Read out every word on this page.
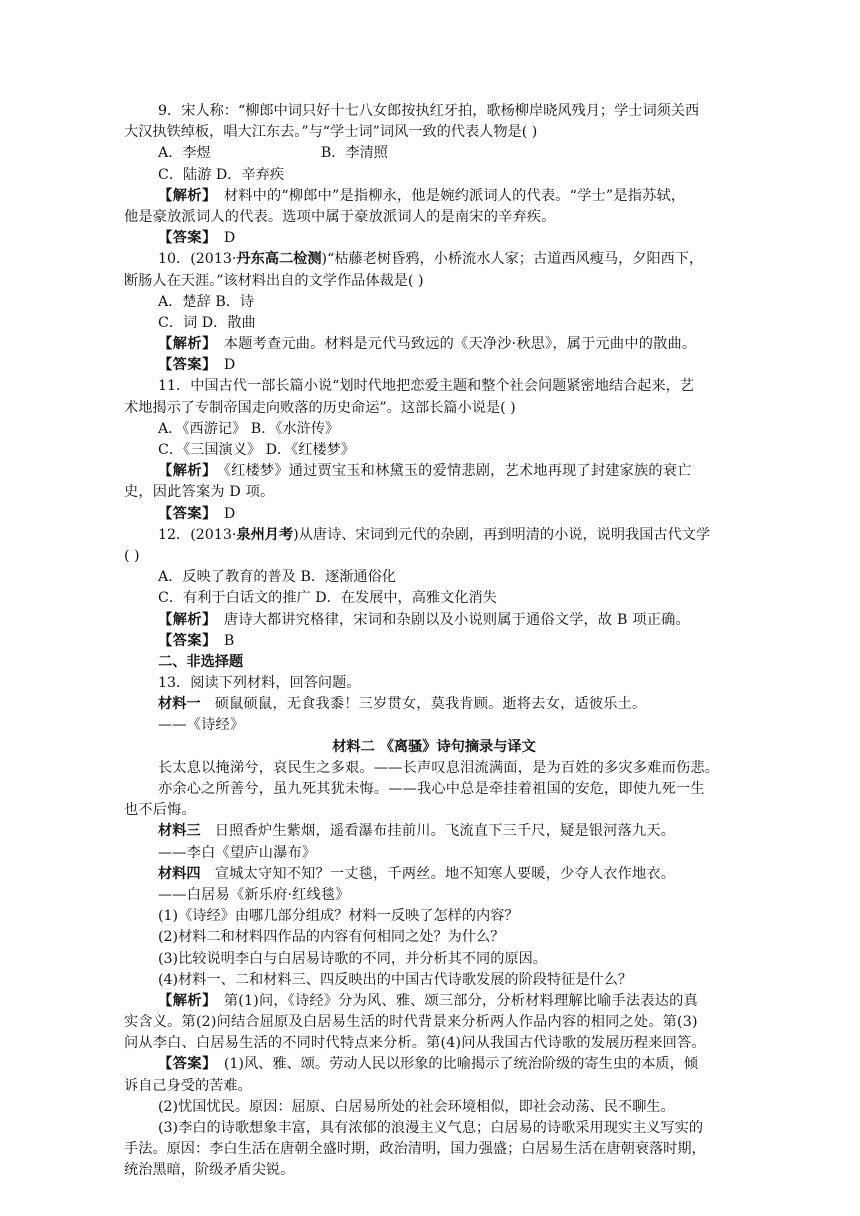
9．宋人称：“柳郎中词只好十七八女郎按执红牙拍，歌杨柳岸晓风残月；学士词须关西
大汉执铁绰板，唱大江东去。”与“学士词”词风一致的代表人物是( )
A．李煜	B．李清照
C．陆游 D．辛弃疾
【解析】　 材料中的“柳郎中”是指柳永，他是婉约派词人的代表。“学士”是指苏轼，
他是豪放派词人的代表。选项中属于豪放派词人的是南宋的辛弃疾。
【答案】　 D
10．(2013·丹东高二检测)“枯藤老树昏鸦，小桥流水人家；古道西风瘦马，夕阳西下，
断肠人在天涯。”该材料出自的文学作品体裁是( )
A．楚辞 B．诗
C．词 D．散曲
【解析】　 本题考查元曲。材料是元代马致远的《天净沙·秋思》，属于元曲中的散曲。
【答案】　 D
11．中国古代一部长篇小说“划时代地把恋爱主题和整个社会问题紧密地结合起来，艺
术地揭示了专制帝国走向败落的历史命运”。这部长篇小说是( )
A．《西游记》 B．《水浒传》
C．《三国演义》 D．《红楼梦》
【解析】　 《红楼梦》通过贾宝玉和林黛玉的爱情悲剧，艺术地再现了封建家族的衰亡
史，因此答案为 D 项。
【答案】　 D
12．(2013·泉州月考)从唐诗、宋词到元代的杂剧，再到明清的小说，说明我国古代文学
( )
A．反映了教育的普及 B．逐渐通俗化
C．有利于白话文的推广 D．在发展中，高雅文化消失
【解析】　 唐诗大都讲究格律，宋词和杂剧以及小说则属于通俗文学，故 B 项正确。
【答案】　 B
二、非选择题
13．阅读下列材料，回答问题。
材料一　 硕鼠硕鼠，无食我黍！三岁贯女，莫我肯顾。逝将去女，适彼乐土。
——《诗经》
材料二 《离骚》诗句摘录与译文
长太息以掩涕兮，哀民生之多艰。——长声叹息泪流满面，是为百姓的多灾多难而伤悲。
亦余心之所善兮，虽九死其犹未悔。——我心中总是牵挂着祖国的安危，即使九死一生
也不后悔。
材料三　 日照香炉生紫烟，遥看瀑布挂前川。飞流直下三千尺，疑是银河落九天。
——李白《望庐山瀑布》
材料四　 宣城太守知不知？一丈毯，千两丝。地不知寒人要暖，少夺人衣作地衣。
——白居易《新乐府·红线毯》
(1)《诗经》由哪几部分组成？材料一反映了怎样的内容？
(2)材料二和材料四作品的内容有何相同之处？为什么？
(3)比较说明李白与白居易诗歌的不同，并分析其不同的原因。
(4)材料一、二和材料三、四反映出的中国古代诗歌发展的阶段特征是什么？
【解析】　 第(1)问，《诗经》分为风、雅、颂三部分，分析材料理解比喻手法表达的真
实含义。第(2)问结合屈原及白居易生活的时代背景来分析两人作品内容的相同之处。第(3)
问从李白、白居易生活的不同时代特点来分析。第(4)问从我国古代诗歌的发展历程来回答。
【答案】　 (1)风、雅、颂。劳动人民以形象的比喻揭示了统治阶级的寄生虫的本质，倾
诉自己身受的苦难。
(2)忧国忧民。原因：屈原、白居易所处的社会环境相似，即社会动荡、民不聊生。
(3)李白的诗歌想象丰富，具有浓郁的浪漫主义气息；白居易的诗歌采用现实主义写实的
手法。原因：李白生活在唐朝全盛时期，政治清明，国力强盛；白居易生活在唐朝衰落时期，
统治黑暗，阶级矛盾尖锐。
